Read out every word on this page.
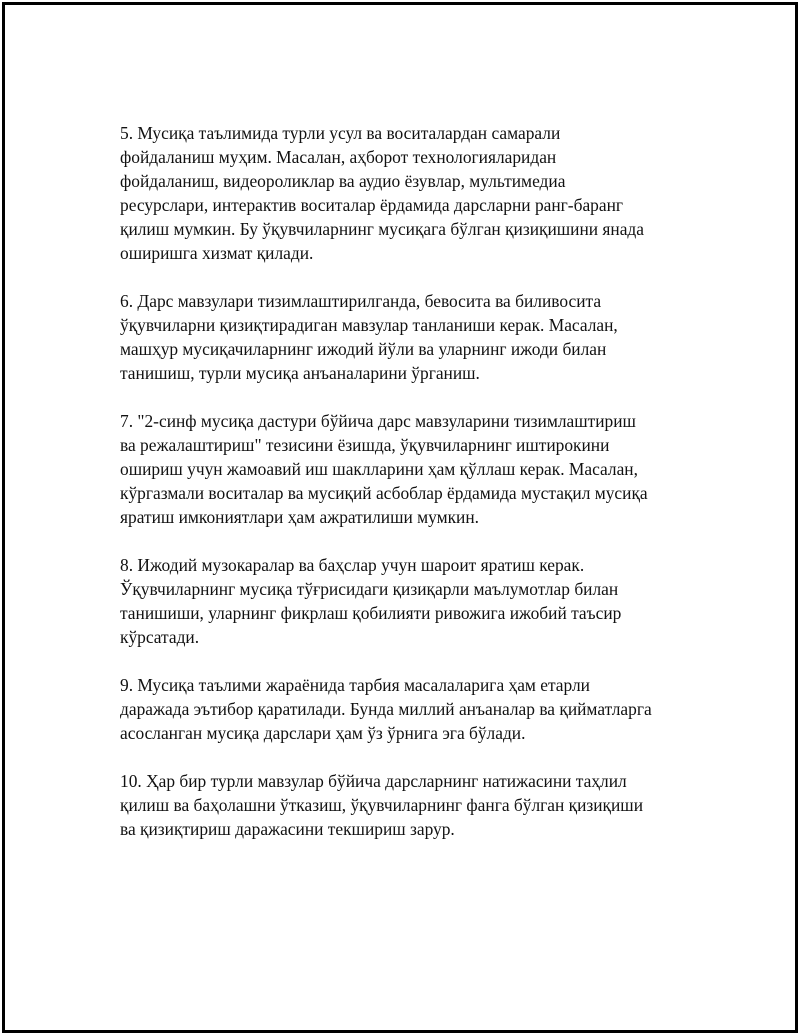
5. Мусиқа таълимида турли усул ва воситалардан самарали
фойдаланиш муҳим. Масалан, аҳборот технологияларидан
фойдаланиш, видеороликлар ва аудио ёзувлар, мультимедиа
ресурслари, интерактив воситалар ёрдамида дарсларни ранг-баранг
қилиш мумкин. Бу ўқувчиларнинг мусиқага бўлган қизиқишини янада
оширишга хизмат қилади.

6. Дарс мавзулари тизимлаштирилганда, бевосита ва биливосита
ўқувчиларни қизиқтирадиган мавзулар танланиши керак. Масалан,
машҳур мусиқачиларнинг ижодий йўли ва уларнинг ижоди билан
танишиш, турли мусиқа анъаналарини ўрганиш.

7. "2-синф мусиқа дастури бўйича дарс мавзуларини тизимлаштириш
ва режалаштириш" тезисини ёзишда, ўқувчиларнинг иштирокини
ошириш учун жамоавий иш шаклларини ҳам қўллаш керак. Масалан,
кўргазмали воситалар ва мусиқий асбоблар ёрдамида мустақил мусиқа
яратиш имкониятлари ҳам ажратилиши мумкин.

8. Ижодий музокаралар ва баҳслар учун шароит яратиш керак.
Ўқувчиларнинг мусиқа тўғрисидаги қизиқарли маълумотлар билан
танишиши, уларнинг фикрлаш қобилияти ривожига ижобий таъсир
кўрсатади.

9. Мусиқа таълими жараёнида тарбия масалаларига ҳам етарли
даражада эътибор қаратилади. Бунда миллий анъаналар ва қийматларга
асосланган мусиқа дарслари ҳам ўз ўрнига эга бўлади.

10. Ҳар бир турли мавзулар бўйича дарсларнинг натижасини таҳлил
қилиш ва баҳолашни ўтказиш, ўқувчиларнинг фанга бўлган қизиқиши
ва қизиқтириш даражасини текшириш зарур.
